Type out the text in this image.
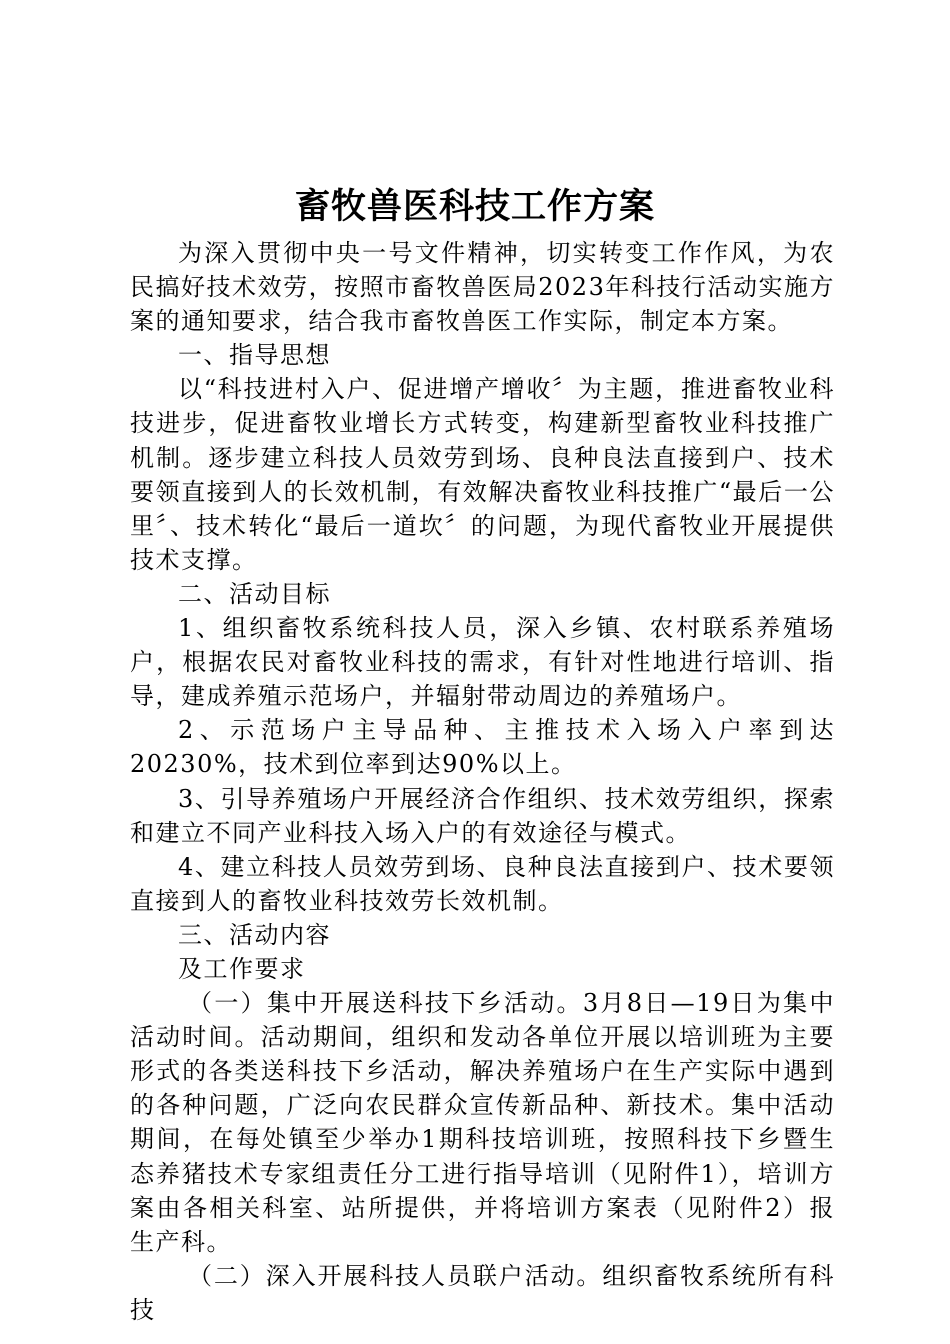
畜牧兽医科技工作方案

为深入贯彻中央一号文件精神，切实转变工作作风，为农民搞好技术效劳，按照市畜牧兽医局2023年科技行活动实施方案的通知要求，结合我市畜牧兽医工作实际，制定本方案。

一、指导思想

以“科技进村入户、促进增产增收〞为主题，推进畜牧业科技进步，促进畜牧业增长方式转变，构建新型畜牧业科技推广机制。逐步建立科技人员效劳到场、良种良法直接到户、技术要领直接到人的长效机制，有效解决畜牧业科技推广“最后一公里〞、技术转化“最后一道坎〞的问题，为现代畜牧业开展提供技术支撑。

二、活动目标

1、组织畜牧系统科技人员，深入乡镇、农村联系养殖场户，根据农民对畜牧业科技的需求，有针对性地进行培训、指导，建成养殖示范场户，并辐射带动周边的养殖场户。

2、示范场户主导品种、主推技术入场入户率到达20230%，技术到位率到达90%以上。

3、引导养殖场户开展经济合作组织、技术效劳组织，探索和建立不同产业科技入场入户的有效途径与模式。

4、建立科技人员效劳到场、良种良法直接到户、技术要领直接到人的畜牧业科技效劳长效机制。

三、活动内容

及工作要求

（一）集中开展送科技下乡活动。3月8日—19日为集中活动时间。活动期间，组织和发动各单位开展以培训班为主要形式的各类送科技下乡活动，解决养殖场户在生产实际中遇到的各种问题，广泛向农民群众宣传新品种、新技术。集中活动期间，在每处镇至少举办1期科技培训班，按照科技下乡暨生态养猪技术专家组责任分工进行指导培训（见附件1），培训方案由各相关科室、站所提供，并将培训方案表（见附件2）报生产科。

（二）深入开展科技人员联户活动。组织畜牧系统所有科技
